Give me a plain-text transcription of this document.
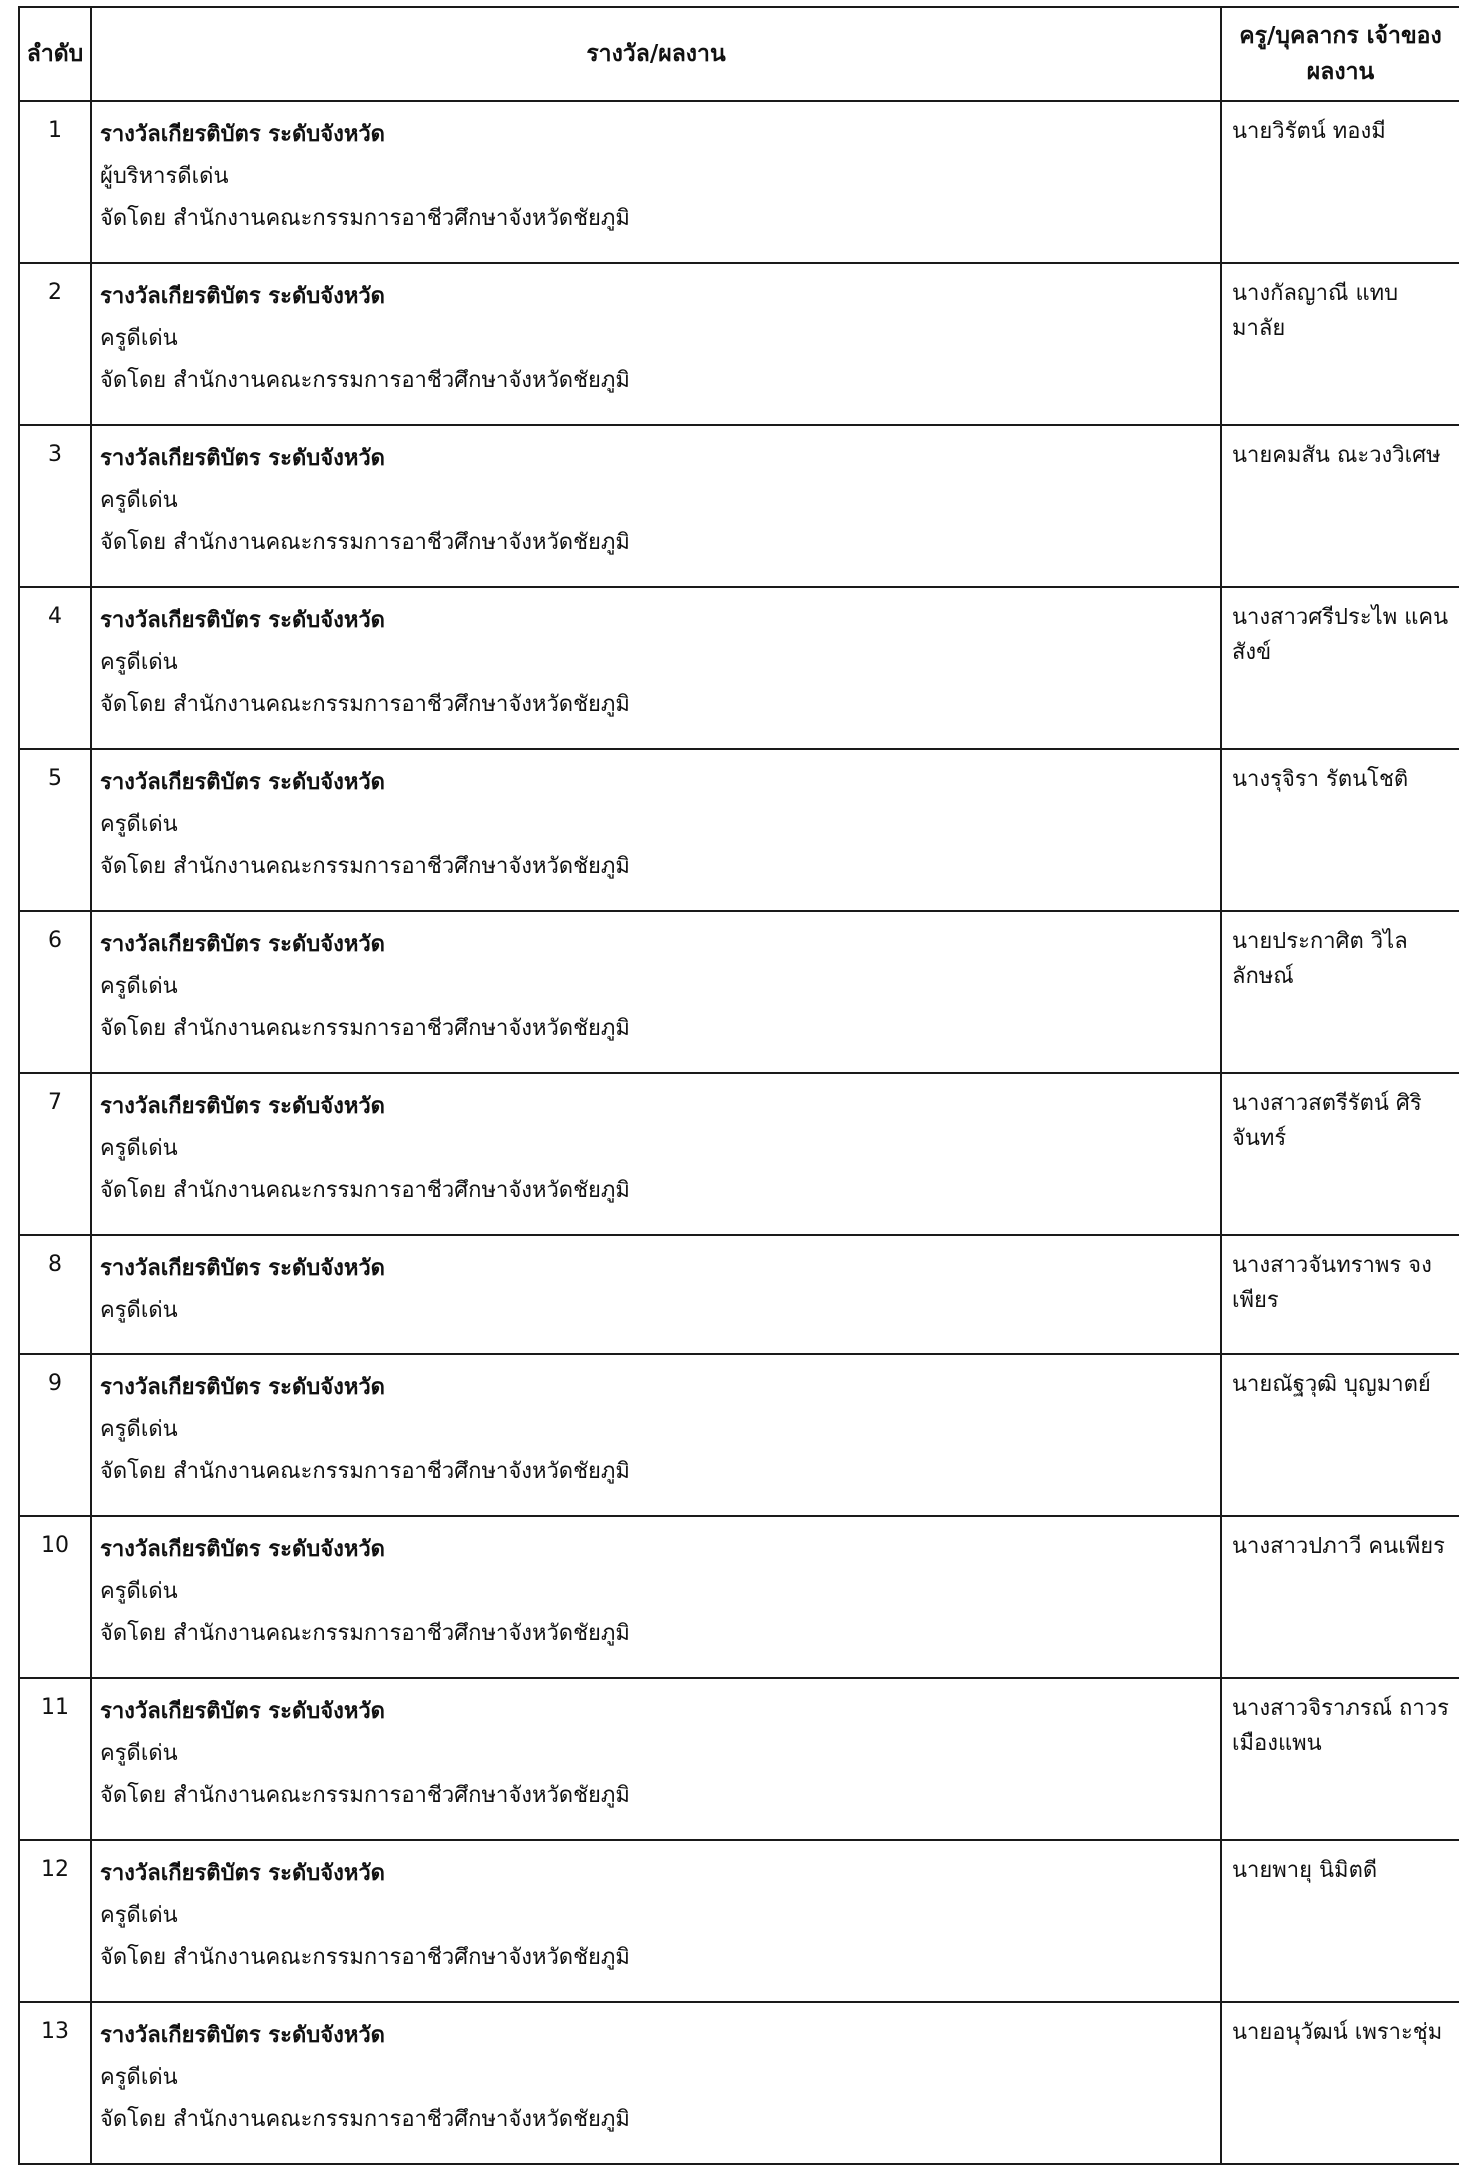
ลำดับ	รางวัล/ผลงาน	ครู/บุคลากร เจ้าของผลงาน
1	รางวัลเกียรติบัตร ระดับจังหวัด
ผู้บริหารดีเด่น
จัดโดย สำนักงานคณะกรรมการอาชีวศึกษาจังหวัดชัยภูมิ	นายวิรัตน์ ทองมี
2	รางวัลเกียรติบัตร ระดับจังหวัด
ครูดีเด่น
จัดโดย สำนักงานคณะกรรมการอาชีวศึกษาจังหวัดชัยภูมิ	นางกัลญาณี แทบมาลัย
3	รางวัลเกียรติบัตร ระดับจังหวัด
ครูดีเด่น
จัดโดย สำนักงานคณะกรรมการอาชีวศึกษาจังหวัดชัยภูมิ	นายคมสัน ณะวงวิเศษ
4	รางวัลเกียรติบัตร ระดับจังหวัด
ครูดีเด่น
จัดโดย สำนักงานคณะกรรมการอาชีวศึกษาจังหวัดชัยภูมิ	นางสาวศรีประไพ แคนสังข์
5	รางวัลเกียรติบัตร ระดับจังหวัด
ครูดีเด่น
จัดโดย สำนักงานคณะกรรมการอาชีวศึกษาจังหวัดชัยภูมิ	นางรุจิรา รัตนโชติ
6	รางวัลเกียรติบัตร ระดับจังหวัด
ครูดีเด่น
จัดโดย สำนักงานคณะกรรมการอาชีวศึกษาจังหวัดชัยภูมิ	นายประกาศิต วิไลลักษณ์
7	รางวัลเกียรติบัตร ระดับจังหวัด
ครูดีเด่น
จัดโดย สำนักงานคณะกรรมการอาชีวศึกษาจังหวัดชัยภูมิ	นางสาวสตรีรัตน์ ศิริจันทร์
8	รางวัลเกียรติบัตร ระดับจังหวัด
ครูดีเด่น	นางสาวจันทราพร จงเพียร
9	รางวัลเกียรติบัตร ระดับจังหวัด
ครูดีเด่น
จัดโดย สำนักงานคณะกรรมการอาชีวศึกษาจังหวัดชัยภูมิ	นายณัฐวุฒิ บุญมาตย์
10	รางวัลเกียรติบัตร ระดับจังหวัด
ครูดีเด่น
จัดโดย สำนักงานคณะกรรมการอาชีวศึกษาจังหวัดชัยภูมิ	นางสาวปภาวี คนเพียร
11	รางวัลเกียรติบัตร ระดับจังหวัด
ครูดีเด่น
จัดโดย สำนักงานคณะกรรมการอาชีวศึกษาจังหวัดชัยภูมิ	นางสาวจิราภรณ์ ถาวรเมืองแพน
12	รางวัลเกียรติบัตร ระดับจังหวัด
ครูดีเด่น
จัดโดย สำนักงานคณะกรรมการอาชีวศึกษาจังหวัดชัยภูมิ	นายพายุ นิมิตดี
13	รางวัลเกียรติบัตร ระดับจังหวัด
ครูดีเด่น
จัดโดย สำนักงานคณะกรรมการอาชีวศึกษาจังหวัดชัยภูมิ	นายอนุวัฒน์ เพราะชุ่ม
